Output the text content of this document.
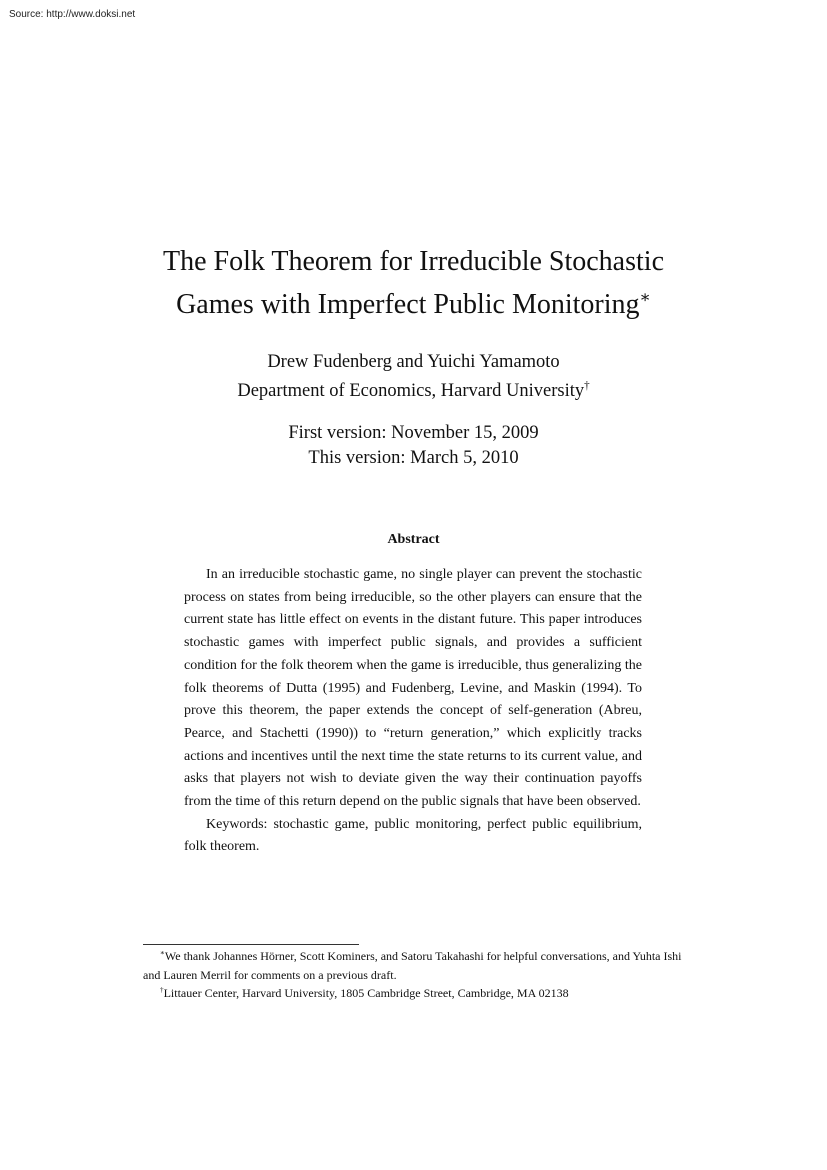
Source: http://www.doksi.net
The Folk Theorem for Irreducible Stochastic
Games with Imperfect Public Monitoring∗
Drew Fudenberg and Yuichi Yamamoto
Department of Economics, Harvard University†
First version: November 15, 2009
This version: March 5, 2010
Abstract

In an irreducible stochastic game, no single player can prevent the stochastic process on states from being irreducible, so the other players can ensure that the current state has little effect on events in the distant future. This paper introduces stochastic games with imperfect public signals, and provides a sufficient condition for the folk theorem when the game is irreducible, thus generalizing the folk theorems of Dutta (1995) and Fudenberg, Levine, and Maskin (1994). To prove this theorem, the paper extends the concept of self-generation (Abreu, Pearce, and Stachetti (1990)) to “return generation,” which explicitly tracks actions and incentives until the next time the state returns to its current value, and asks that players not wish to deviate given the way their continuation payoffs from the time of this return depend on the public signals that have been observed.

Keywords: stochastic game, public monitoring, perfect public equilibrium, folk theorem.

∗We thank Johannes Hörner, Scott Kominers, and Satoru Takahashi for helpful conversations, and Yuhta Ishi and Lauren Merril for comments on a previous draft.

†Littauer Center, Harvard University, 1805 Cambridge Street, Cambridge, MA 02138
